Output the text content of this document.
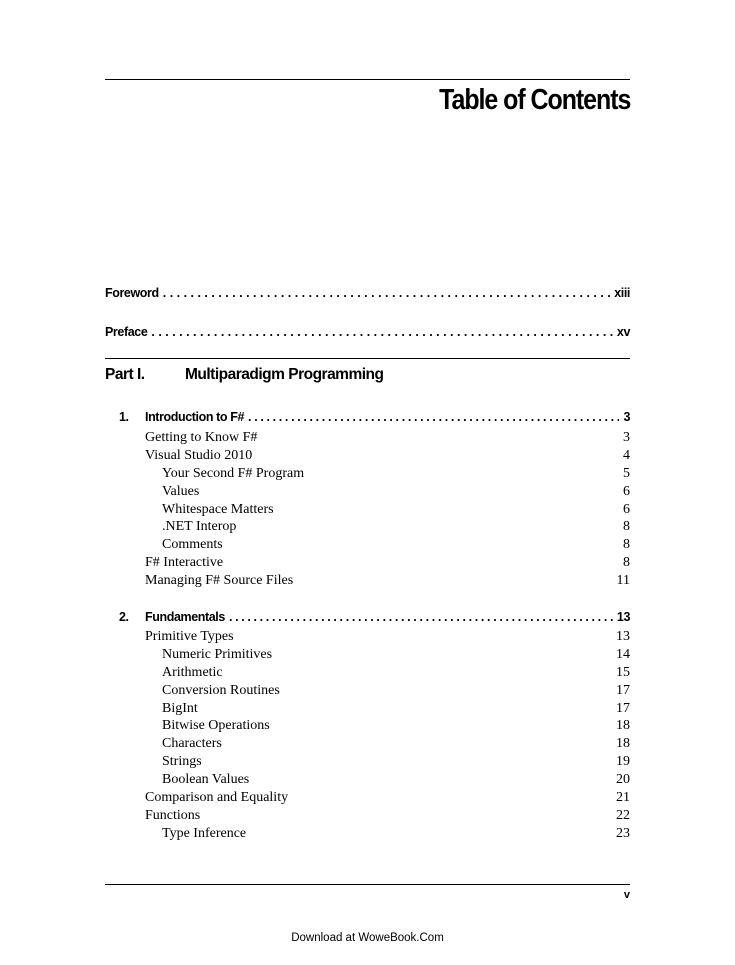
Table of Contents
Foreword . . .	xiii
Preface . . .	xv
Part I.	Multiparadigm Programming
1.	Introduction to F# . . .	3
Getting to Know F#	3
Visual Studio 2010	4
Your Second F# Program	5
Values	6
Whitespace Matters	6
.NET Interop	8
Comments	8
F# Interactive	8
Managing F# Source Files	11
2.	Fundamentals . . .	13
Primitive Types	13
Numeric Primitives	14
Arithmetic	15
Conversion Routines	17
BigInt	17
Bitwise Operations	18
Characters	18
Strings	19
Boolean Values	20
Comparison and Equality	21
Functions	22
Type Inference	23
v
Download at WoweBook.Com
